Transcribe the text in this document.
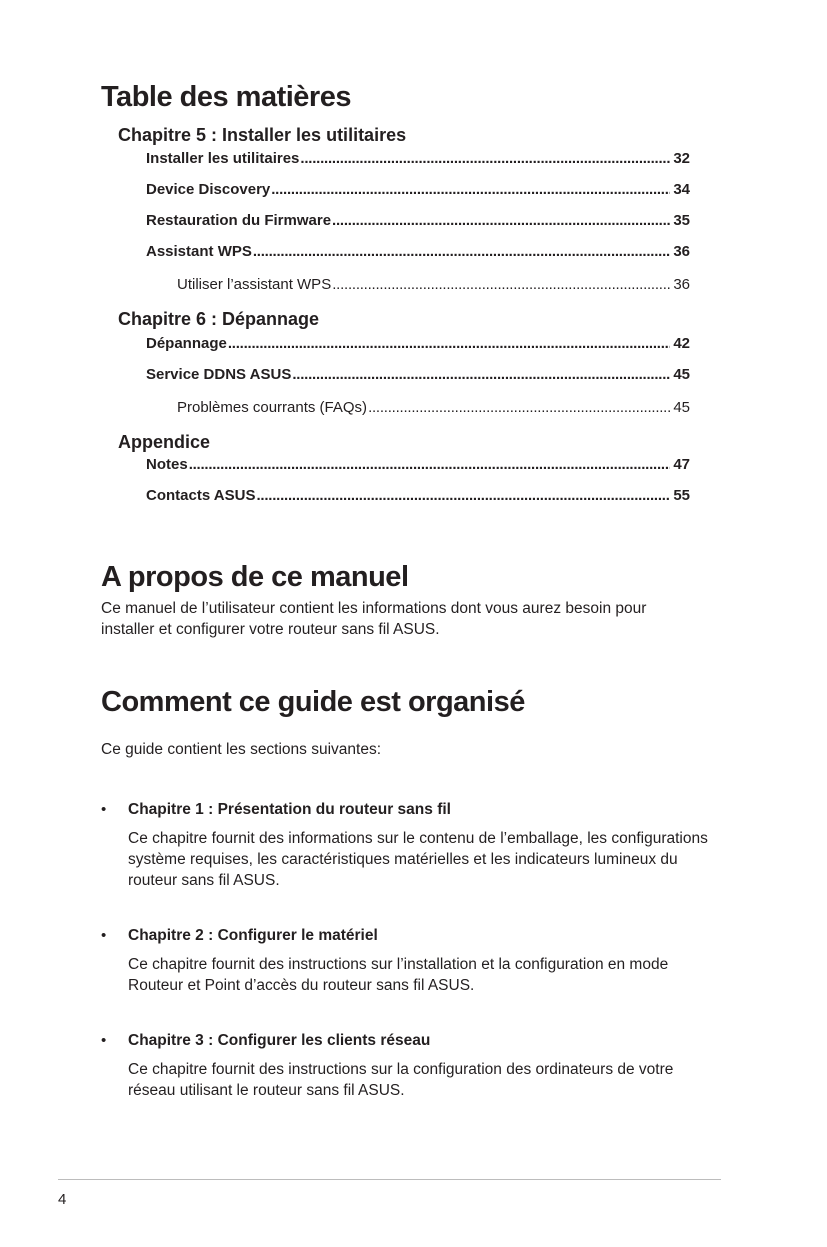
Table des matières
Chapitre 5 : Installer les utilitaires
Installer les utilitaires . . .	32
Device Discovery . . .	34
Restauration du Firmware . . .	35
Assistant WPS . . .	36
Utiliser l’assistant WPS . . .	36
Chapitre 6 : Dépannage
Dépannage . . .	42
Service DDNS ASUS . . .	45
Problèmes courrants (FAQs) . . .	45
Appendice
Notes . . .	47
Contacts ASUS . . .	55
A propos de ce manuel

Ce manuel de l’utilisateur contient les informations dont vous aurez besoin pour installer et configurer votre routeur sans fil ASUS.

Comment ce guide est organisé

Ce guide contient les sections suivantes:

• Chapitre 1 : Présentation du routeur sans fil

Ce chapitre fournit des informations sur le contenu de l’emballage, les configurations système requises, les caractéristiques matérielles et les indicateurs lumineux du routeur sans fil ASUS.

• Chapitre 2 : Configurer le matériel

Ce chapitre fournit des instructions sur l’installation et la configuration en mode Routeur et Point d’accès du routeur sans fil ASUS.

• Chapitre 3 : Configurer les clients réseau

Ce chapitre fournit des instructions sur la configuration des ordinateurs de votre réseau utilisant le routeur sans fil ASUS.

4
